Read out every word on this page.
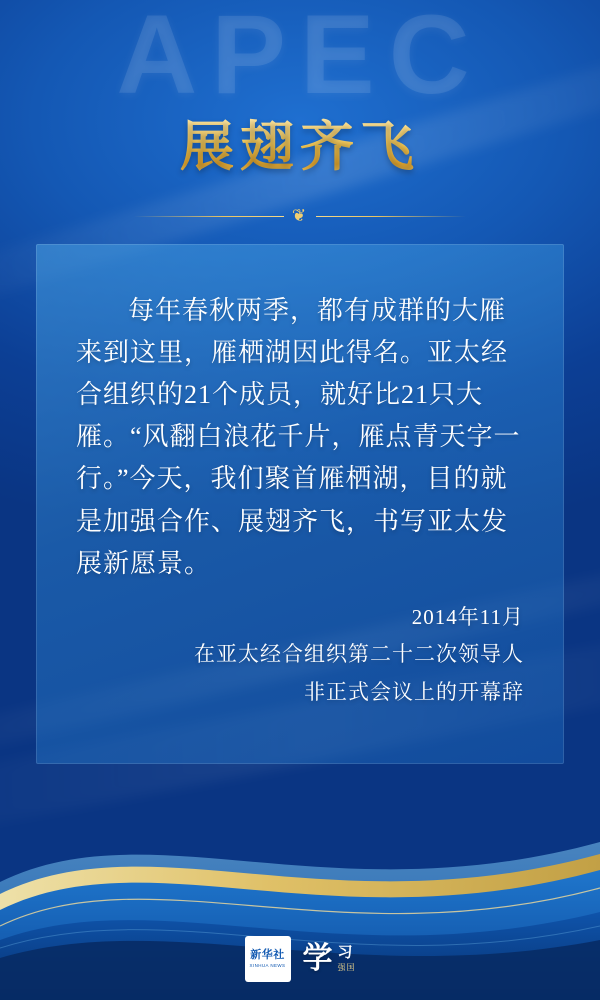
APEC
展翅齐飞
❦

每年春秋两季，都有成群的大雁来到这里，雁栖湖因此得名。亚太经合组织的21个成员，就好比21只大雁。“风翻白浪花千片，雁点青天字一行。”今天，我们聚首雁栖湖，目的就是加强合作、展翅齐飞，书写亚太发展新愿景。

2014年11月
在亚太经合组织第二十二次领导人
非正式会议上的开幕辞
新华社
XINHUA NEWS 学 习
强国
